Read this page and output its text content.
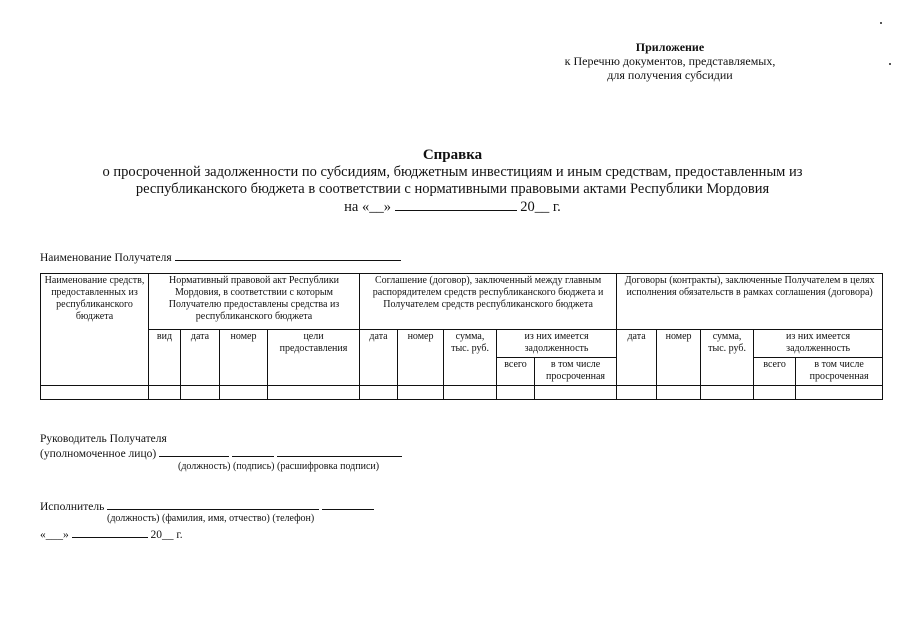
Приложение
к Перечню документов, представляемых,
для получения субсидии
Справка
о просроченной задолженности по субсидиям, бюджетным инвестициям и иным средствам, предоставленным из
республиканского бюджета в соответствии с нормативными правовыми актами Республики Мордовия
на «__»	20__ г.
Наименование Получателя
Наименование средств, предоставленных из республиканского бюджета	Нормативный правовой акт Республики Мордовия, в соответствии с которым Получателю предоставлены средства из республиканского бюджета				Соглашение (договор), заключенный между главным распорядителем средств республиканского бюджета и Получателем средств республиканского бюджета					Договоры (контракты), заключенные Получателем в целях исполнения обязательств в рамках соглашения (договора)				
	вид	дата	номер	цели предоставления	дата	номер	сумма, тыс. руб.	из них имеется задолженность		дата	номер	сумма, тыс. руб.	из них имеется задолженность	
								всего	в том числе просроченная				всего	в том числе просроченная

Руководитель Получателя
(уполномоченное лицо)
(должность) (подпись) (расшифровка подписи)
Исполнитель
(должность) (фамилия, имя, отчество) (телефон)
«___»	20__ г.
